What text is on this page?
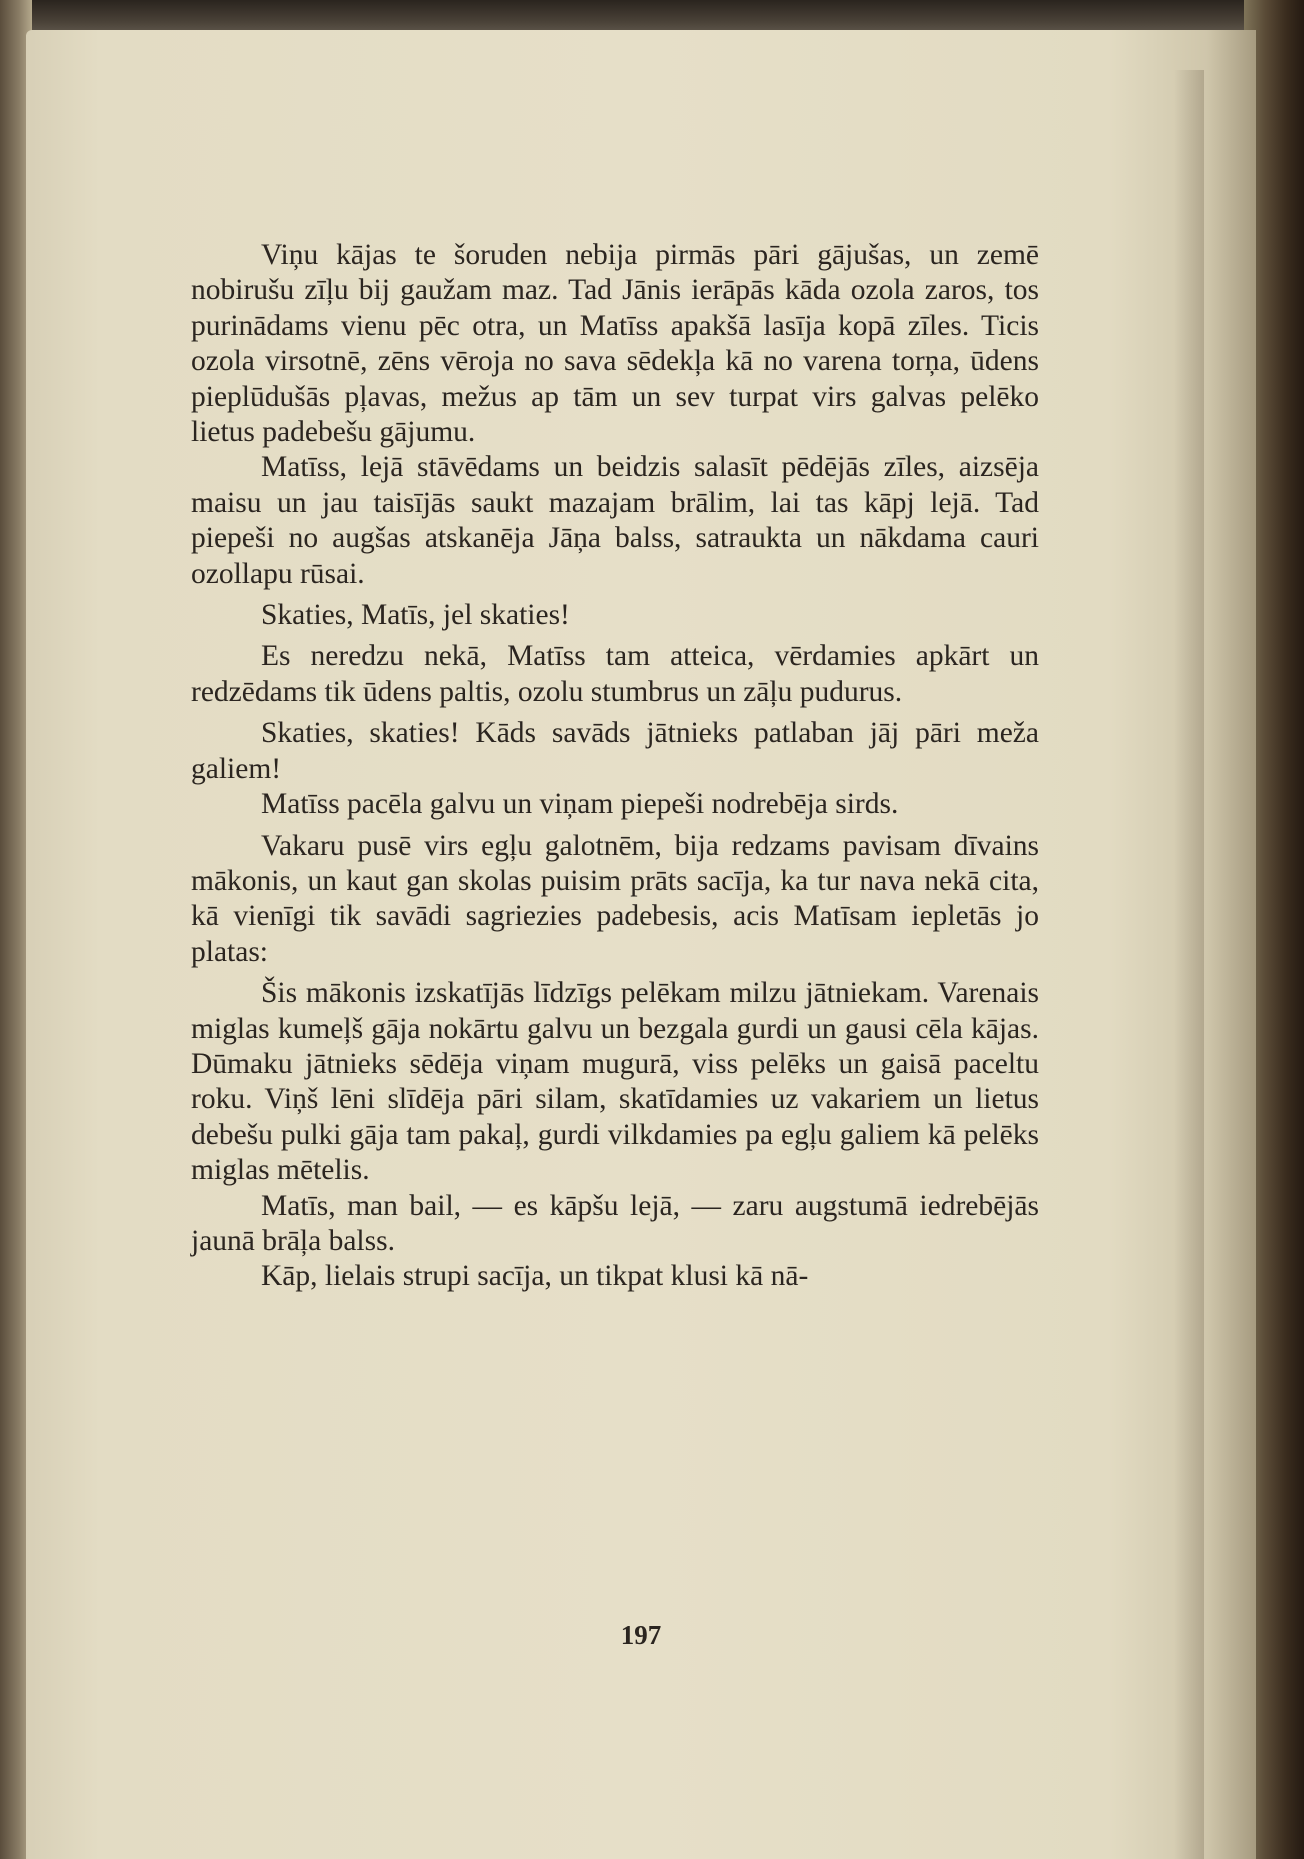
Viņu kājas te šoruden nebija pirmās pāri gājušas, un zemē nobirušu zīļu bij gaužam maz. Tad Jānis ierāpās kāda ozola zaros, tos purinādams vienu pēc otra, un Matīss apakšā lasīja kopā zīles. Ticis ozola virsotnē, zēns vēroja no sava sēdekļa kā no varena torņa, ūdens pieplūdušās pļavas, mežus ap tām un sev turpat virs galvas pelēko lietus padebešu gājumu.

Matīss, lejā stāvēdams un beidzis salasīt pēdējās zīles, aizsēja maisu un jau taisījās saukt mazajam brālim, lai tas kāpj lejā. Tad piepeši no augšas atskanēja Jāņa balss, satraukta un nākdama cauri ozollapu rūsai.

Skaties, Matīs, jel skaties!

Es neredzu nekā, Matīss tam atteica, vērdamies apkārt un redzēdams tik ūdens paltis, ozolu stumbrus un zāļu pudurus.

Skaties, skaties! Kāds savāds jātnieks patlaban jāj pāri meža galiem!

Matīss pacēla galvu un viņam piepeši nodrebēja sirds.

Vakaru pusē virs egļu galotnēm, bija redzams pavisam dīvains mākonis, un kaut gan skolas puisim prāts sacīja, ka tur nava nekā cita, kā vienīgi tik savādi sagriezies padebesis, acis Matīsam iepletās jo platas:

Šis mākonis izskatījās līdzīgs pelēkam milzu jātniekam. Varenais miglas kumeļš gāja nokārtu galvu un bezgala gurdi un gausi cēla kājas. Dūmaku jātnieks sēdēja viņam mugurā, viss pelēks un gaisā paceltu roku. Viņš lēni slīdēja pāri silam, skatīdamies uz vakariem un lietus debešu pulki gāja tam pakaļ, gurdi vilkdamies pa egļu galiem kā pelēks miglas mētelis.

Matīs, man bail, — es kāpšu lejā, — zaru augstumā iedrebējās jaunā brāļa balss.

Kāp, lielais strupi sacīja, un tikpat klusi kā nā-

197
